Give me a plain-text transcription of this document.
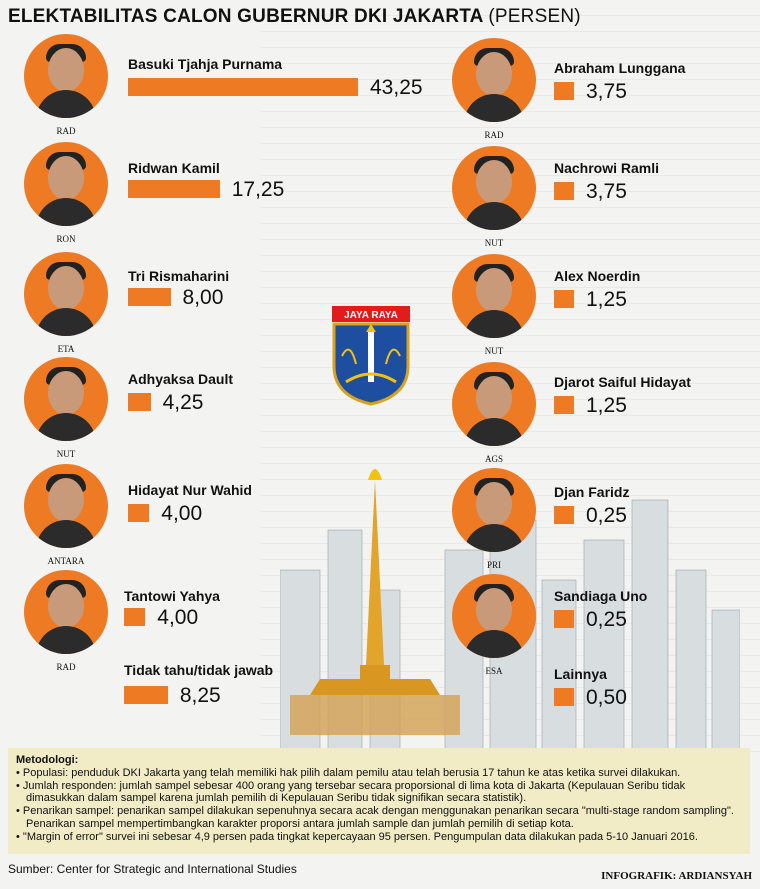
ELEKTABILITAS CALON GUBERNUR DKI JAKARTA (PERSEN)
JAYA RAYA
RAD
Basuki Tjahja Purnama
43,25
RON
Ridwan Kamil
17,25
ETA
Tri Rismaharini
8,00
NUT
Adhyaksa Dault
4,25
ANTARA
Hidayat Nur Wahid
4,00
RAD
Tantowi Yahya
4,00
Tidak tahu/tidak jawab
8,25
RAD
Abraham Lunggana
3,75
NUT
Nachrowi Ramli
3,75
NUT
Alex Noerdin
1,25
AGS
Djarot Saiful Hidayat
1,25
PRI
Djan Faridz
0,25
ESA
Sandiaga Uno
0,25
Lainnya
0,50
Metodologi:
• Populasi: penduduk DKI Jakarta yang telah memiliki hak pilih dalam pemilu atau telah berusia 17 tahun ke atas ketika survei dilakukan.
• Jumlah responden: jumlah sampel sebesar 400 orang yang tersebar secara proporsional di lima kota di Jakarta (Kepulauan Seribu tidak dimasukkan dalam sampel karena jumlah pemilih di Kepulauan Seribu tidak signifikan secara statistik).
• Penarikan sampel: penarikan sampel dilakukan sepenuhnya secara acak dengan menggunakan penarikan secara "multi-stage random sampling". Penarikan sampel mempertimbangkan karakter proporsi antara jumlah sample dan jumlah pemilih di setiap kota.
• "Margin of error" survei ini sebesar 4,9 persen pada tingkat kepercayaan 95 persen. Pengumpulan data dilakukan pada 5-10 Januari 2016.
Sumber: Center for Strategic and International Studies	INFOGRAFIK: ARDIANSYAH
